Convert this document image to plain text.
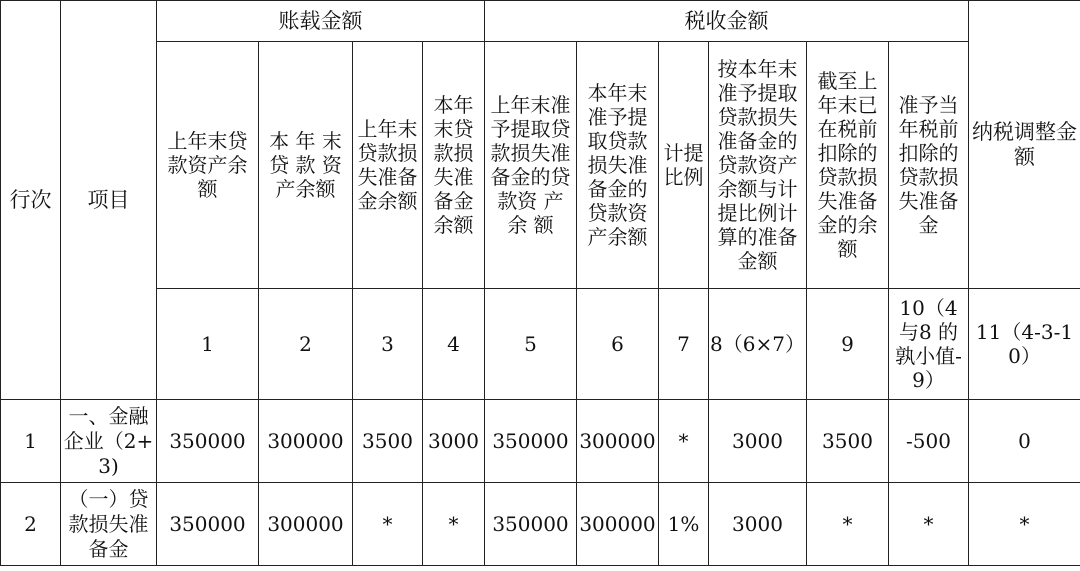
行次	项目	账载金额				税收金额						纳税调整金额
		上年末贷款资产余额	本 年 末 贷 款 资 产余额	上年末贷款损失准备金余额	本年末贷款损失准备金余额	上年末准予提取贷款损失准备金的贷款资 产 余 额	本年末准予提取贷款损失准备金的贷款资产余额	计提比例	按本年末准予提取贷款损失准备金的贷款资产余额与计提比例计算的准备金额	截至上年末已在税前扣除的贷款损失准备金的余额	准予当年税前扣除的贷款损失准备金	
		1	2	3	4	5	6	7	8（6×7）	9	10（4与8 的孰小值-9）	11（4-3-10）
1	一、金融企业（2+3)	350000	300000	3500	3000	350000	300000	*	3000	3500	-500	0
2	（一）贷款损失准备金	350000	300000	*	*	350000	300000	1%	3000	*	*	*
